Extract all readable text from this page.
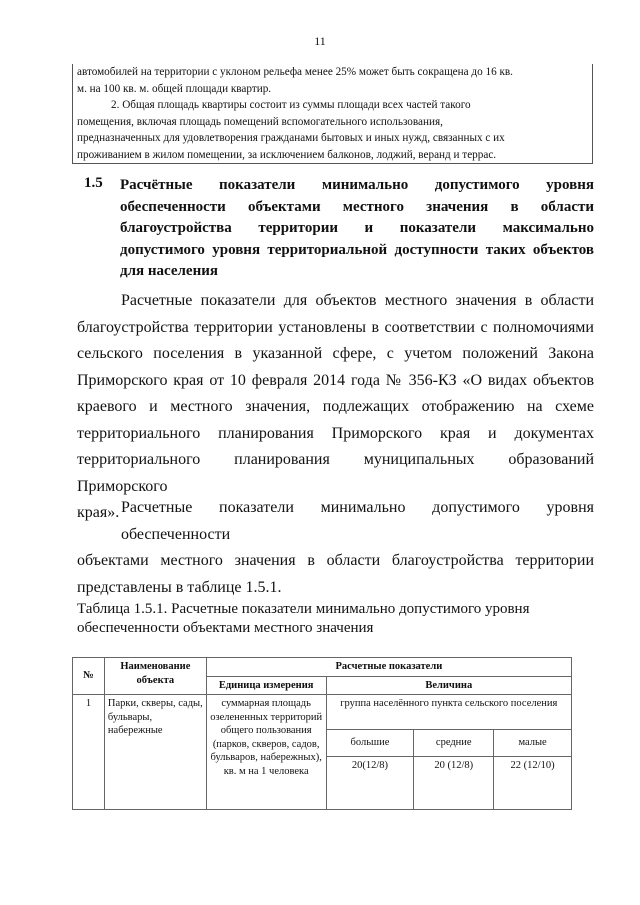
11
автомобилей на территории с уклоном рельефа менее 25% может быть сокращена до 16 кв.
м. на 100 кв. м. общей площади квартир.
2. Общая площадь квартиры состоит из суммы площади всех частей такого
помещения, включая площадь помещений вспомогательного использования,
предназначенных для удовлетворения гражданами бытовых и иных нужд, связанных с их
проживанием в жилом помещении, за исключением балконов, лоджий, веранд и террас.
1.5 Расчётные показатели минимально допустимого уровня
обеспеченности объектами местного значения в области
благоустройства территории и показатели максимально
допустимого уровня территориальной доступности таких объектов
для населения
Расчетные показатели для объектов местного значения в области
благоустройства территории установлены в соответствии с полномочиями
сельского поселения в указанной сфере, с учетом положений Закона
Приморского края от 10 февраля 2014 года № 356-КЗ «О видах объектов
краевого и местного значения, подлежащих отображению на схеме
территориального планирования Приморского края и документах
территориального планирования муниципальных образований Приморского
края». Расчетные показатели минимально допустимого уровня обеспеченности
объектами местного значения в области благоустройства территории
представлены в таблице 1.5.1.
Таблица 1.5.1. Расчетные показатели минимально допустимого уровня
обеспеченности объектами местного значения
№	Наименование объекта	Расчетные показатели			
		Единица измерения	Величина		
1	Парки, скверы, сады, бульвары, набережные	суммарная площадь озелененных территорий общего пользования (парков, скверов, садов, бульваров, набережных), кв. м на 1 человека	группа населённого пункта сельского поселения		
			большие	средние	малые
			20(12/8)	20 (12/8)	22 (12/10)
